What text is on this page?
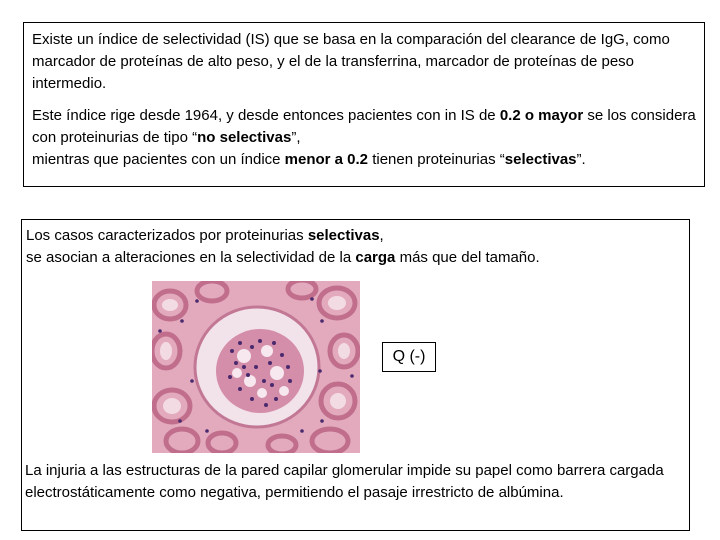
Existe un índice de selectividad (IS) que se basa en la comparación del clearance de IgG, como marcador de proteínas de alto peso, y el de la transferrina, marcador de proteínas de peso intermedio.

Este índice rige desde 1964, y desde entonces pacientes con in IS de 0.2 o mayor se los considera con proteinurias de tipo “no selectivas”,
mientras que pacientes con un índice menor a 0.2 tienen proteinurias “selectivas”.

Los casos caracterizados por proteinurias selectivas,
se asocian a alteraciones en la selectividad de la carga más que del tamaño.

Q (-)

La injuria a las estructuras de la pared capilar glomerular impide su papel como barrera cargada electrostáticamente como negativa, permitiendo el pasaje irrestricto de albúmina.
